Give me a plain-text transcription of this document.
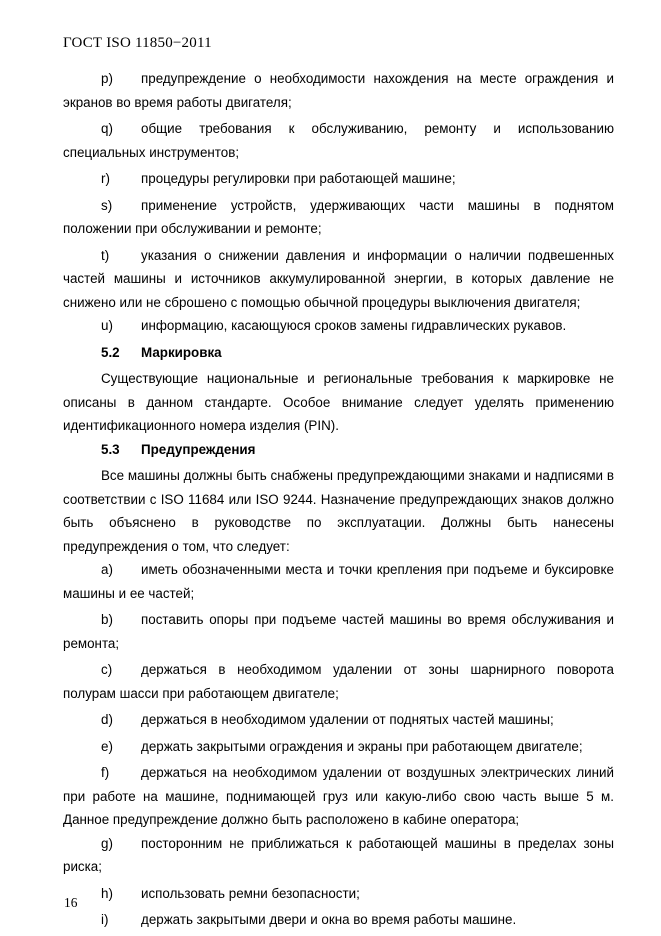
ГОСТ ISO 11850−2011

p) предупреждение о необходимости нахождения на месте ограждения и экранов во время работы двигателя;

q) общие требования к обслуживанию, ремонту и использованию специальных инструментов;

r) процедуры регулировки при работающей машине;

s) применение устройств, удерживающих части машины в поднятом положении при обслуживании и ремонте;

t) указания о снижении давления и информации о наличии подвешенных частей машины и источников аккумулированной энергии, в которых давление не снижено или не сброшено с помощью обычной процедуры выключения двигателя;

u) информацию, касающуюся сроков замены гидравлических рукавов.

5.2 Маркировка

Существующие национальные и региональные требования к маркировке не описаны в данном стандарте. Особое внимание следует уделять применению идентификационного номера изделия (PIN).

5.3 Предупреждения

Все машины должны быть снабжены предупреждающими знаками и надписями в соответствии с ISO 11684 или ISO 9244. Назначение предупреждающих знаков должно быть объяснено в руководстве по эксплуатации. Должны быть нанесены предупреждения о том, что следует:

a) иметь обозначенными места и точки крепления при подъеме и буксировке машины и ее частей;

b) поставить опоры при подъеме частей машины во время обслуживания и ремонта;

c) держаться в необходимом удалении от зоны шарнирного поворота полурам шасси при работающем двигателе;

d) держаться в необходимом удалении от поднятых частей машины;

e) держать закрытыми ограждения и экраны при работающем двигателе;

f) держаться на необходимом удалении от воздушных электрических линий при работе на машине, поднимающей груз или какую-либо свою часть выше 5 м. Данное предупреждение должно быть расположено в кабине оператора;

g) посторонним не приближаться к работающей машины в пределах зоны риска;

h) использовать ремни безопасности;

i) держать закрытыми двери и окна во время работы машине.

16
